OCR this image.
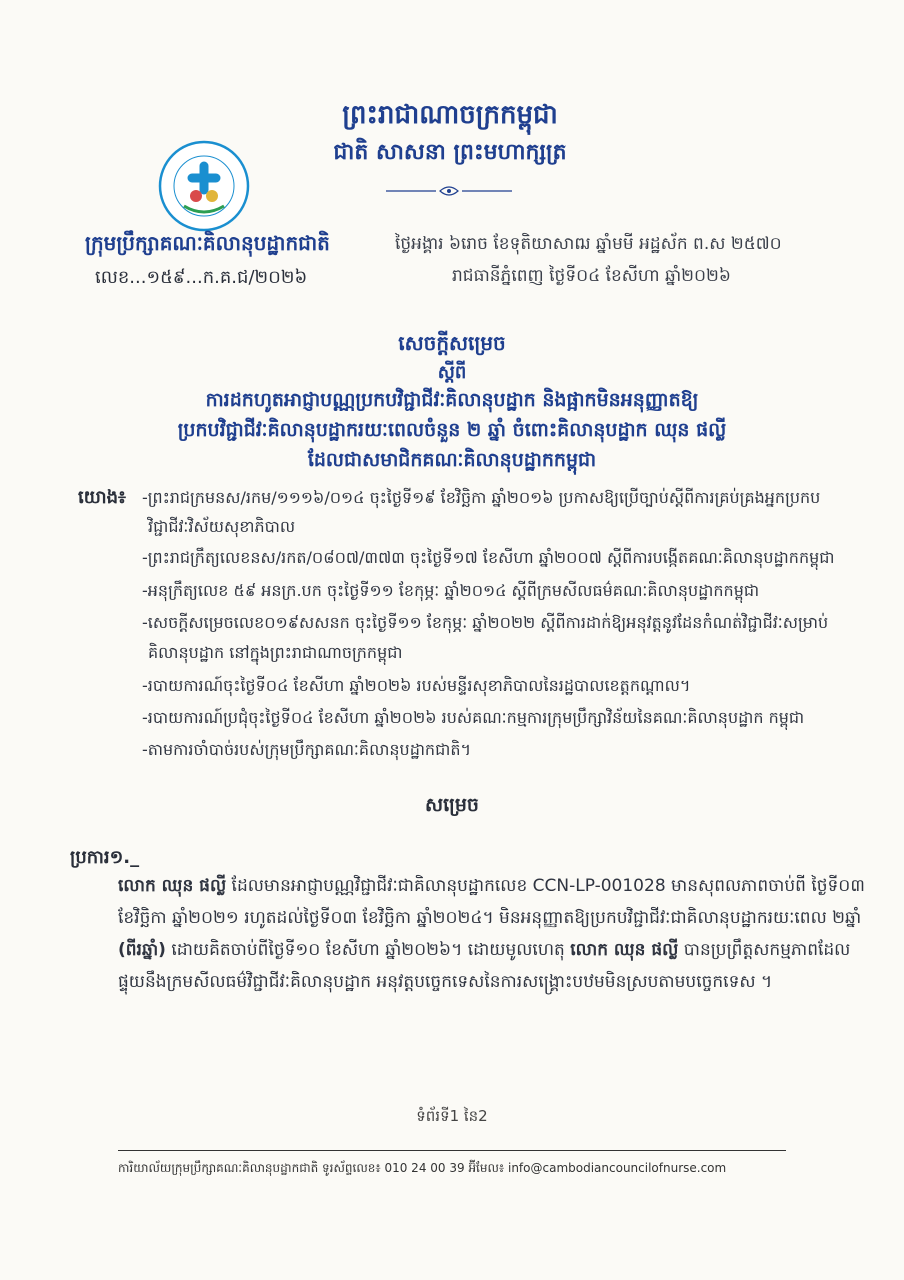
ព្រះរាជាណាចក្រកម្ពុជា
ជាតិ សាសនា ព្រះមហាក្សត្រ
ក្រុមប្រឹក្សាគណៈគិលានុបដ្ឋាកជាតិ
លេខ...១៥៩...ក.គ.ជ/២០២៦
ថ្ងៃអង្គារ ៦រោច ខែទុតិយាសាឍ ឆ្នាំមមី អដ្ឋស័ក ព.ស ២៥៧០
រាជធានីភ្នំពេញ ថ្ងៃទី០៤ ខែសីហា ឆ្នាំ២០២៦
សេចក្តីសម្រេច
ស្តីពី
ការដកហូតអាជ្ញាបណ្ណប្រកបវិជ្ជាជីវៈគិលានុបដ្ឋាក និងផ្អាកមិនអនុញ្ញាតឱ្យ
ប្រកបវិជ្ជាជីវៈគិលានុបដ្ឋាករយៈពេលចំនួន ២ ឆ្នាំ ចំពោះគិលានុបដ្ឋាក ឈុន ផល្លី
ដែលជាសមាជិកគណៈគិលានុបដ្ឋាកកម្ពុជា
យោង៖ -ព្រះរាជក្រមនស/រកម/១១១៦/០១៤ ចុះថ្ងៃទី១៩ ខែវិច្ឆិកា ឆ្នាំ២០១៦ ប្រកាសឱ្យប្រើច្បាប់ស្តីពីការគ្រប់គ្រងអ្នកប្រកប
វិជ្ជាជីវៈវិស័យសុខាភិបាល
-ព្រះរាជក្រឹត្យលេខនស/រកត/០៨០៧/៣៧៣ ចុះថ្ងៃទី១៧ ខែសីហា ឆ្នាំ២០០៧ ស្តីពីការបង្កើតគណៈគិលានុបដ្ឋាកកម្ពុជា
-អនុក្រឹត្យលេខ ៥៩ អនក្រ.បក ចុះថ្ងៃទី១១ ខែកុម្ភៈ ឆ្នាំ២០១៤ ស្តីពីក្រមសីលធម៌គណៈគិលានុបដ្ឋាកកម្ពុជា
-សេចក្តីសម្រេចលេខ០១៩សសនក ចុះថ្ងៃទី១១ ខែកុម្ភៈ ឆ្នាំ២០២២ ស្តីពីការដាក់ឱ្យអនុវត្តនូវដែនកំណត់វិជ្ជាជីវៈសម្រាប់
គិលានុបដ្ឋាក នៅក្នុងព្រះរាជាណាចក្រកម្ពុជា
-របាយការណ៍ចុះថ្ងៃទី០៤ ខែសីហា ឆ្នាំ២០២៦ របស់មន្ទីរសុខាភិបាលនៃរដ្ឋបាលខេត្តកណ្តាល។
-របាយការណ៍ប្រជុំចុះថ្ងៃទី០៤ ខែសីហា ឆ្នាំ២០២៦ របស់គណៈកម្មការក្រុមប្រឹក្សាវិន័យនៃគណៈគិលានុបដ្ឋាក កម្ពុជា
-តាមការចាំបាច់របស់ក្រុមប្រឹក្សាគណៈគិលានុបដ្ឋាកជាតិ។
សម្រេច
ប្រការ១._
លោក ឈុន ផល្លី ដែលមានអាជ្ញាបណ្ណវិជ្ជាជីវៈជាគិលានុបដ្ឋាកលេខ CCN-LP-001028 មានសុពលភាពចាប់ពី ថ្ងៃទី០៣
ខែវិច្ឆិកា ឆ្នាំ២០២១ រហូតដល់ថ្ងៃទី០៣ ខែវិច្ឆិកា ឆ្នាំ២០២៤។ មិនអនុញ្ញាតឱ្យប្រកបវិជ្ជាជីវៈជាគិលានុបដ្ឋាករយៈពេល ២ឆ្នាំ
(ពីរឆ្នាំ) ដោយគិតចាប់ពីថ្ងៃទី១០ ខែសីហា ឆ្នាំ២០២៦។ ដោយមូលហេតុ លោក ឈុន ផល្លី បានប្រព្រឹត្តសកម្មភាពដែល
ផ្ទុយនឹងក្រមសីលធម៌វិជ្ជាជីវៈគិលានុបដ្ឋាក អនុវត្តបច្ចេកទេសនៃការសង្គ្រោះបឋមមិនស្របតាមបច្ចេកទេស ។
ទំព័រទី1 នៃ2
ការិយាល័យក្រុមប្រឹក្សាគណៈគិលានុបដ្ឋាកជាតិ ទូរស័ព្ទលេខ៖ 010 24 00 39 អ៊ីមែល៖ info@cambodiancouncilofnurse.com
